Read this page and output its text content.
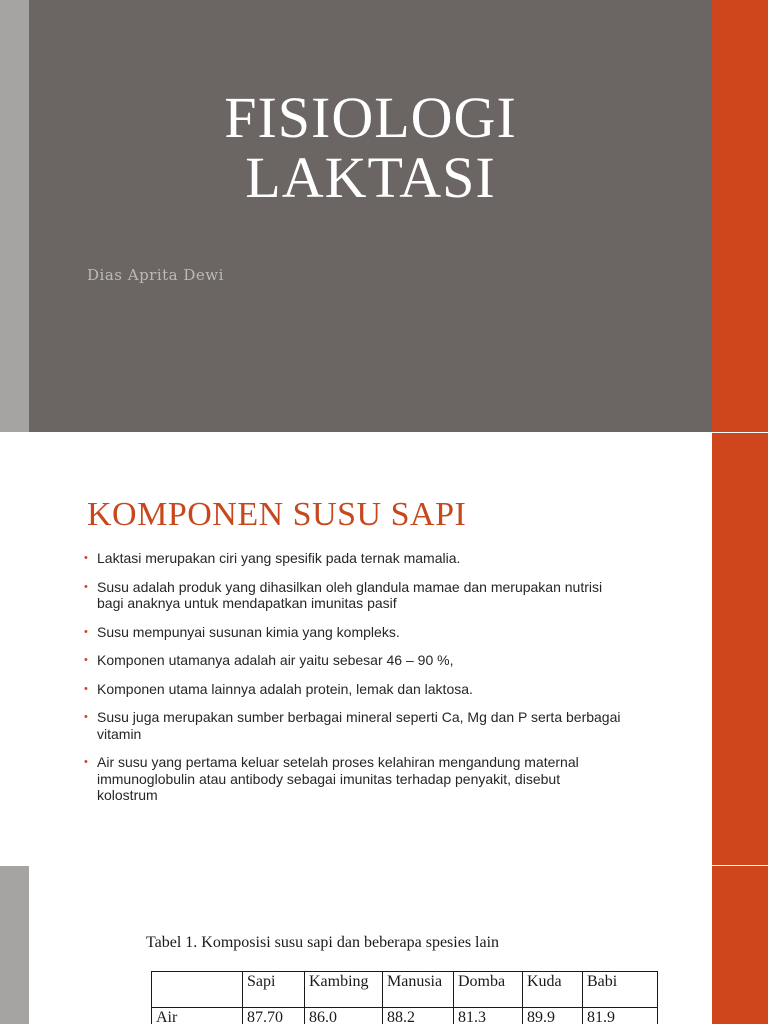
FISIOLOGI
LAKTASI
Dias Aprita Dewi
KOMPONEN SUSU SAPI
• Laktasi merupakan ciri yang spesifik pada ternak mamalia.
• Susu adalah produk yang dihasilkan oleh glandula mamae dan merupakan nutrisi bagi anaknya untuk mendapatkan imunitas pasif
• Susu mempunyai susunan kimia yang kompleks.
• Komponen utamanya adalah air yaitu sebesar 46 – 90 %,
• Komponen utama lainnya adalah protein, lemak dan laktosa.
• Susu juga merupakan sumber berbagai mineral seperti Ca, Mg dan P serta berbagai vitamin
• Air susu yang pertama keluar setelah proses kelahiran mengandung maternal immunoglobulin atau antibody sebagai imunitas terhadap penyakit, disebut kolostrum
Tabel 1. Komposisi susu sapi dan beberapa spesies lain
	Sapi	Kambing	Manusia	Domba	Kuda	Babi
Air	87.70	86.0	88.2	81.3	89.9	81.9
